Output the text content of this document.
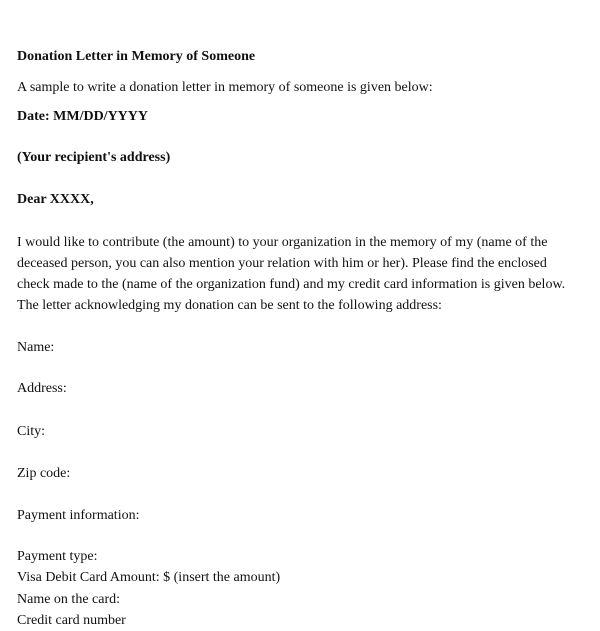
Donation Letter in Memory of Someone
A sample to write a donation letter in memory of someone is given below:
Date: MM/DD/YYYY
(Your recipient's address)
Dear XXXX,
I would like to contribute (the amount) to your organization in the memory of my (name of the
deceased person, you can also mention your relation with him or her). Please find the enclosed
check made to the (name of the organization fund) and my credit card information is given below.
The letter acknowledging my donation can be sent to the following address:
Name:
Address:
City:
Zip code:
Payment information:
Payment type:
Visa Debit Card Amount: $ (insert the amount)
Name on the card:
Credit card number
